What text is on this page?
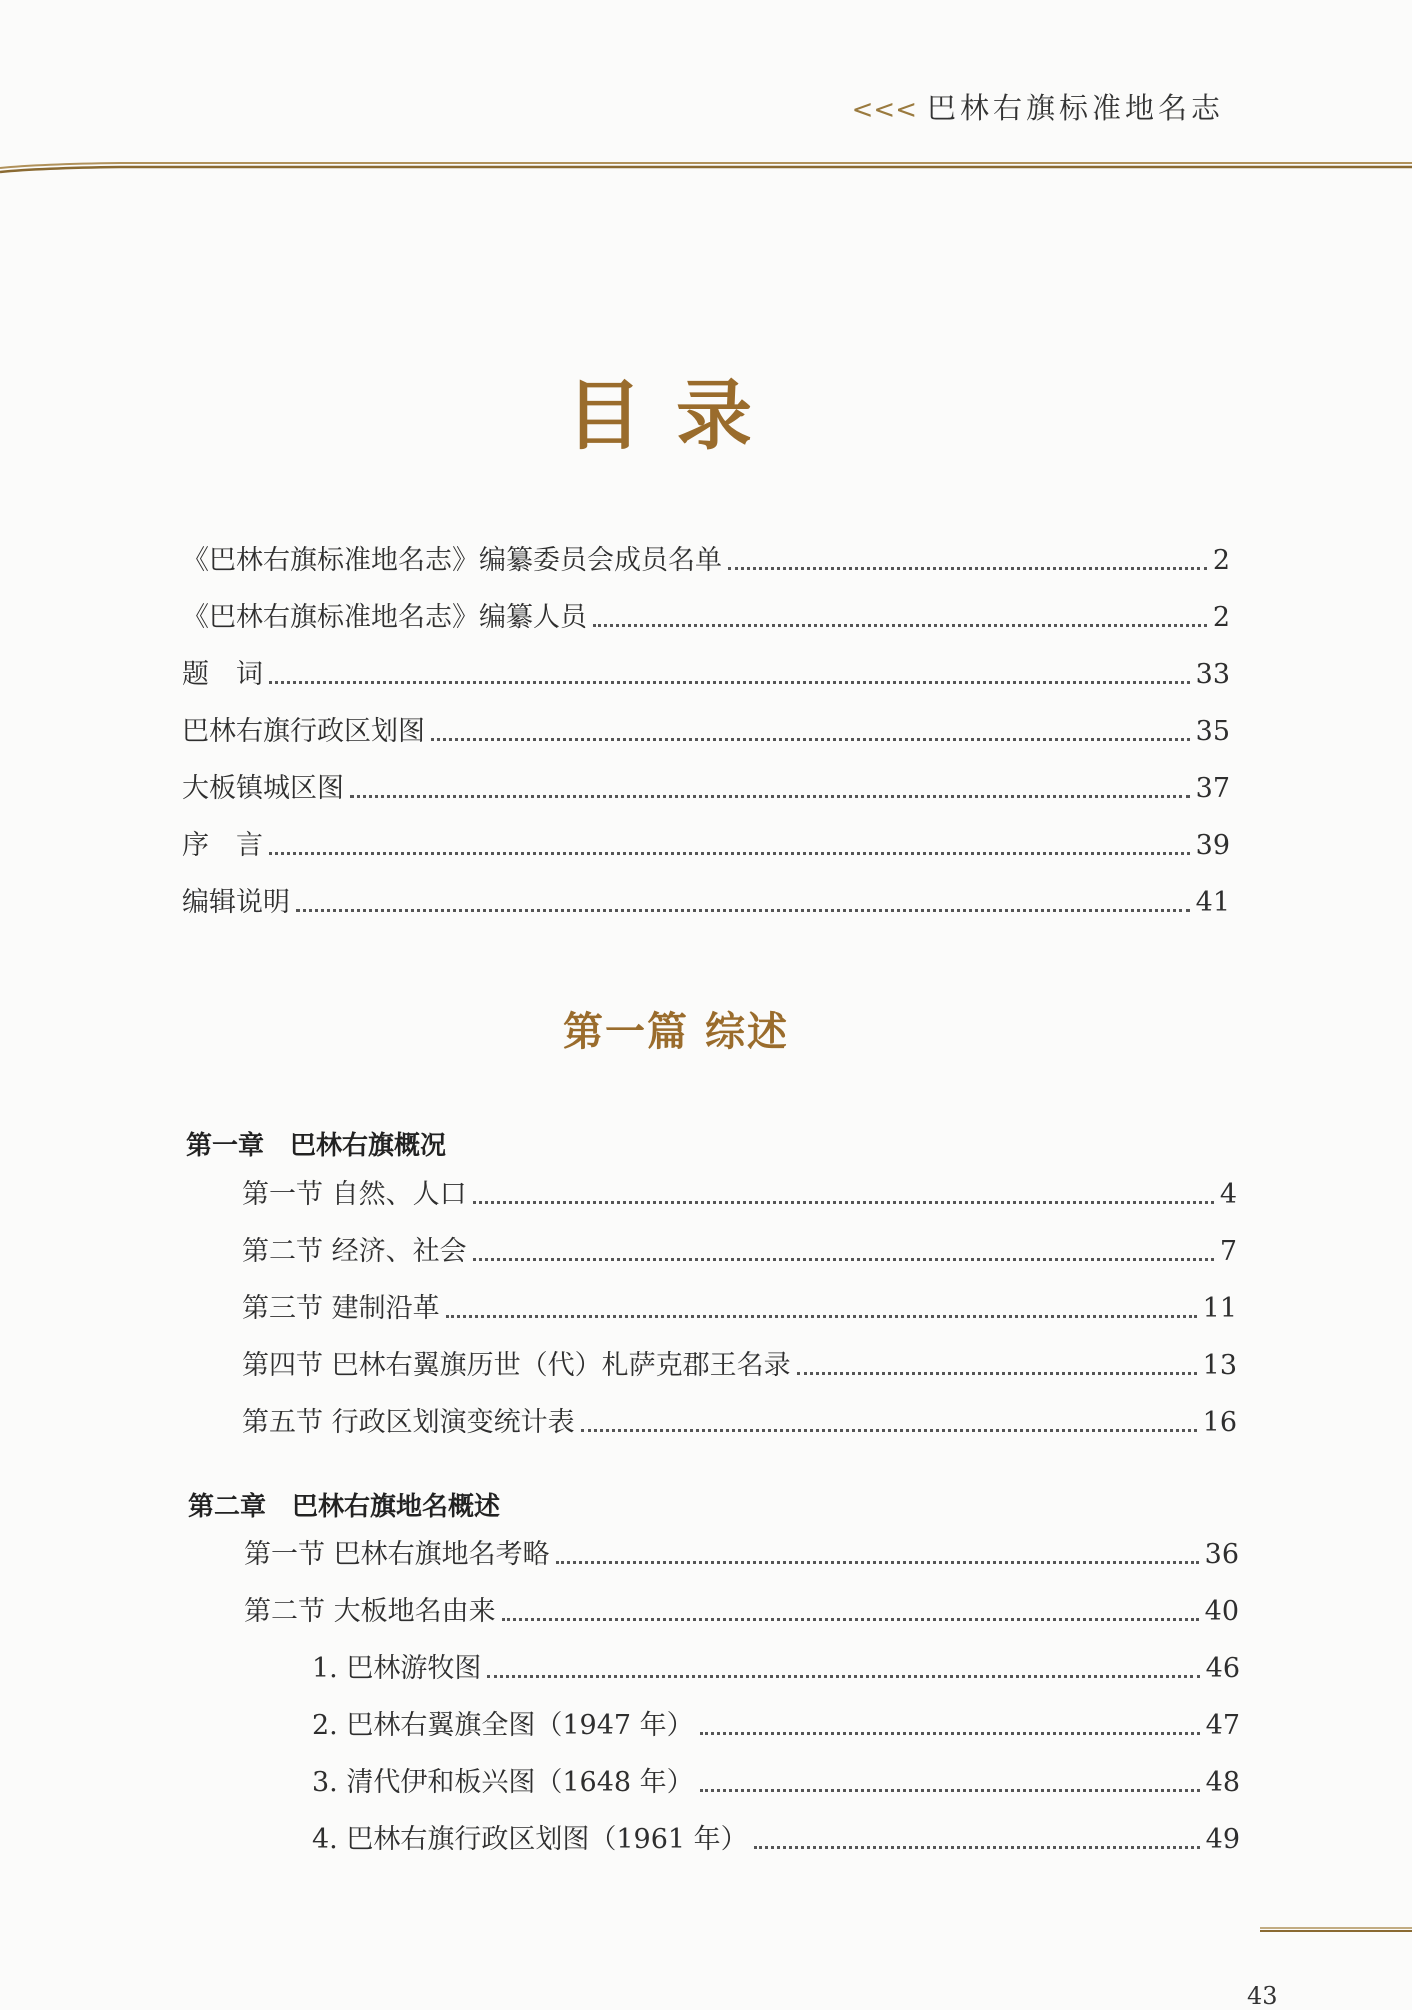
<<< 巴林右旗标准地名志
目录
《巴林右旗标准地名志》编纂委员会成员名单	2
《巴林右旗标准地名志》编纂人员	2
题　词	33
巴林右旗行政区划图	35
大板镇城区图	37
序　言	39
编辑说明	41
第一篇 综述
第一章　巴林右旗概况
第一节 自然、人口	4
第二节 经济、社会	7
第三节 建制沿革	11
第四节 巴林右翼旗历世（代）札萨克郡王名录	13
第五节 行政区划演变统计表	16
第二章　巴林右旗地名概述
第一节 巴林右旗地名考略	36
第二节 大板地名由来	40
1. 巴林游牧图	46
2. 巴林右翼旗全图（1947 年）	47
3. 清代伊和板兴图（1648 年）	48
4. 巴林右旗行政区划图（1961 年）	49
43
